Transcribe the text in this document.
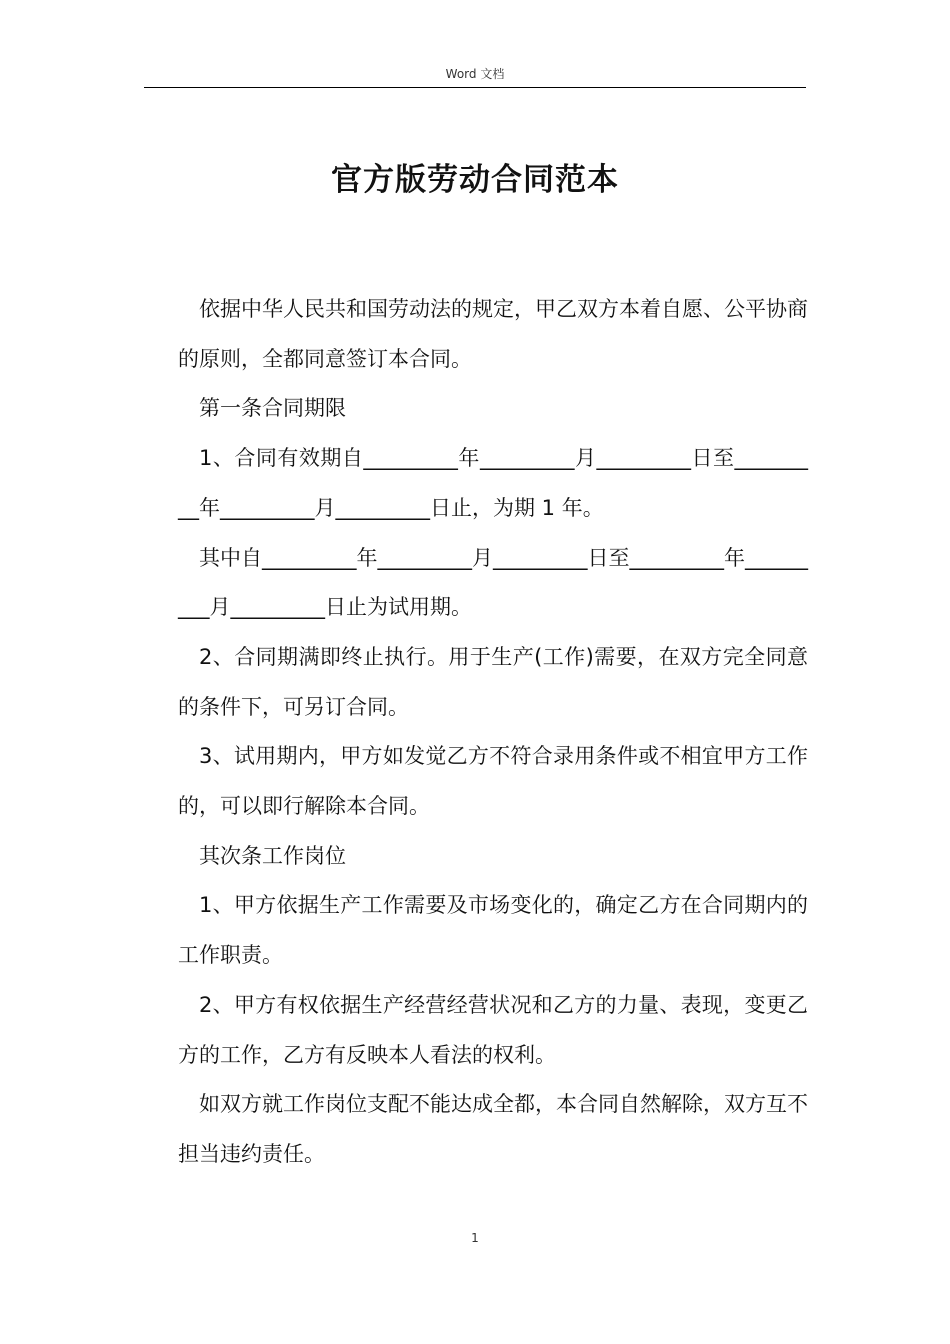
Word 文档
官方版劳动合同范本

依据中华人民共和国劳动法的规定，甲乙双方本着自愿、公平协商的原则，全都同意签订本合同。

第一条合同期限

1、合同有效期自_________年_________月_________日至_________年_________月_________日止，为期 1 年。

其中自_________年_________月_________日至_________年_________月_________日止为试用期。

2、合同期满即终止执行。用于生产(工作)需要，在双方完全同意的条件下，可另订合同。

3、试用期内，甲方如发觉乙方不符合录用条件或不相宜甲方工作的，可以即行解除本合同。

其次条工作岗位

1、甲方依据生产工作需要及市场变化的，确定乙方在合同期内的工作职责。

2、甲方有权依据生产经营经营状况和乙方的力量、表现，变更乙方的工作，乙方有反映本人看法的权利。

如双方就工作岗位支配不能达成全都，本合同自然解除，双方互不担当违约责任。

1
